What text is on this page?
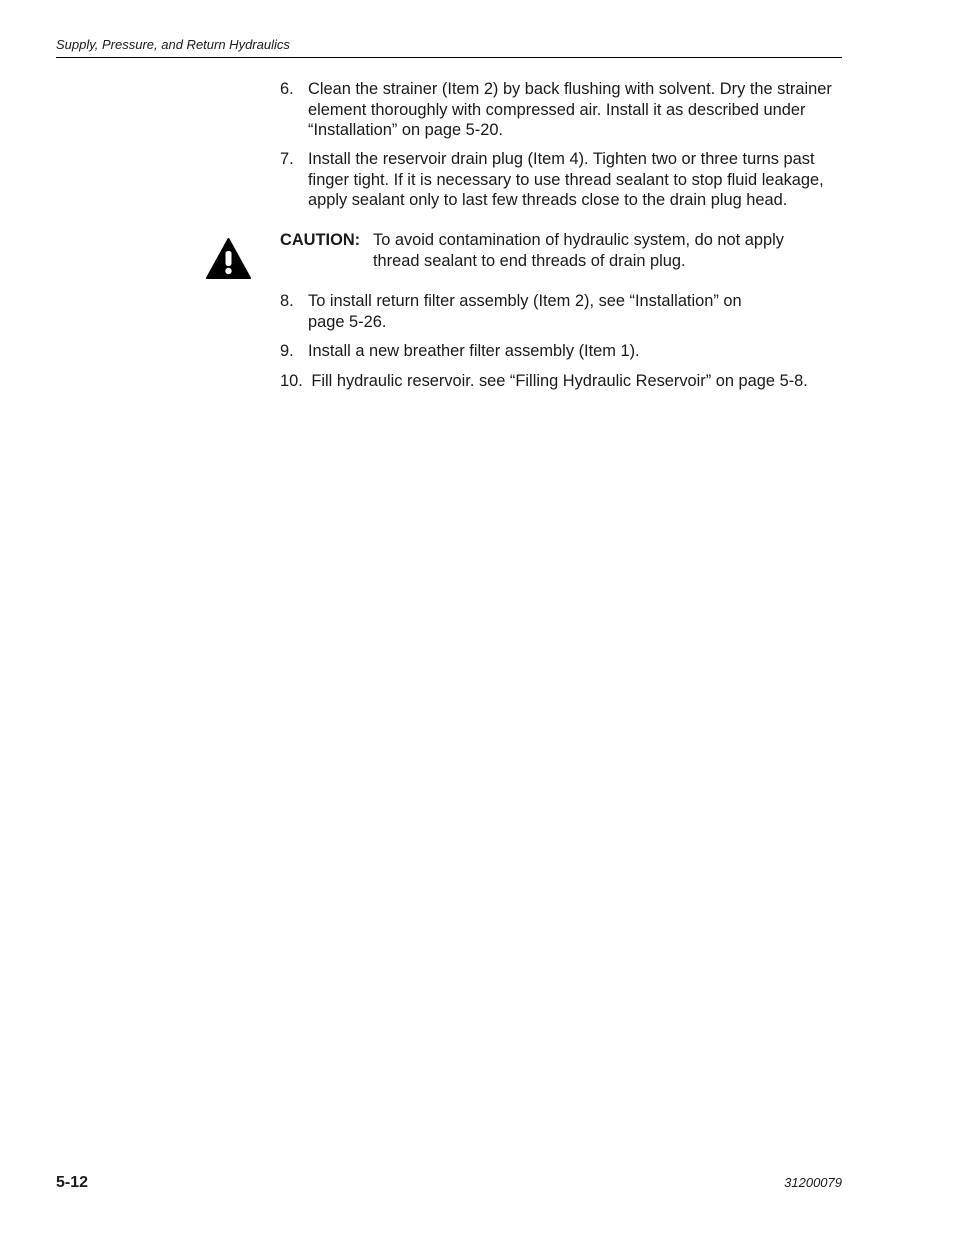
Supply, Pressure, and Return Hydraulics
6. Clean the strainer (Item 2) by back flushing with solvent. Dry the strainer element thoroughly with compressed air. Install it as described under “Installation” on page 5-20.
7. Install the reservoir drain plug (Item 4). Tighten two or three turns past finger tight. If it is necessary to use thread sealant to stop fluid leakage, apply sealant only to last few threads close to the drain plug head.
CAUTION: To avoid contamination of hydraulic system, do not apply thread sealant to end threads of drain plug.
8. To install return filter assembly (Item 2), see “Installation” on page 5-26.
9. Install a new breather filter assembly (Item 1).
10. Fill hydraulic reservoir. see “Filling Hydraulic Reservoir” on page 5-8.
5-12	31200079
